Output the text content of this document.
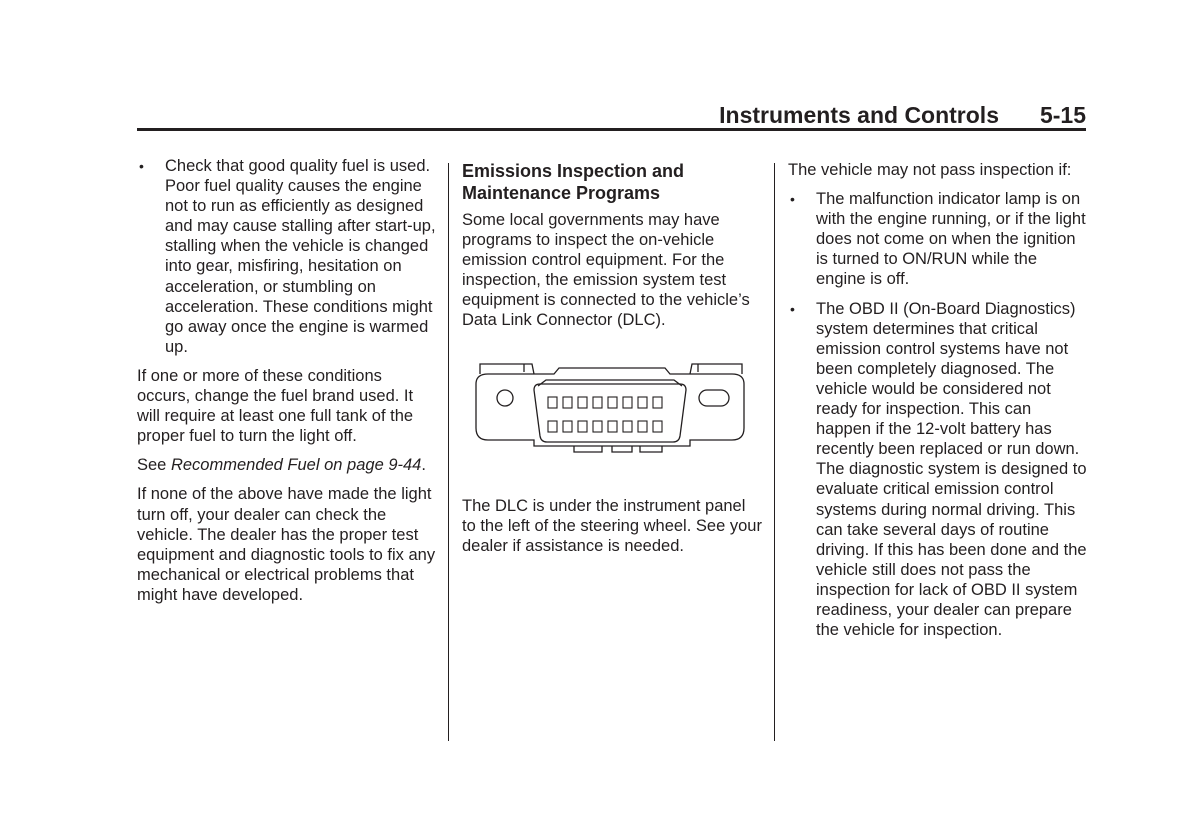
Instruments and Controls 5-15
• Check that good quality fuel is used. Poor fuel quality causes the engine not to run as efficiently as designed and may cause stalling after start-up, stalling when the vehicle is changed into gear, misfiring, hesitation on acceleration, or stumbling on acceleration. These conditions might go away once the engine is warmed up.

If one or more of these conditions occurs, change the fuel brand used. It will require at least one full tank of the proper fuel to turn the light off.

See Recommended Fuel on page 9-44.

If none of the above have made the light turn off, your dealer can check the vehicle. The dealer has the proper test equipment and diagnostic tools to fix any mechanical or electrical problems that might have developed.

Emissions Inspection and Maintenance Programs

Some local governments may have programs to inspect the on-vehicle emission control equipment. For the inspection, the emission system test equipment is connected to the vehicle’s Data Link Connector (DLC).

The DLC is under the instrument panel to the left of the steering wheel. See your dealer if assistance is needed.

The vehicle may not pass inspection if:

• The malfunction indicator lamp is on with the engine running, or if the light does not come on when the ignition is turned to ON/RUN while the engine is off.
• The OBD II (On-Board Diagnostics) system determines that critical emission control systems have not been completely diagnosed. The vehicle would be considered not ready for inspection. This can happen if the 12-volt battery has recently been replaced or run down. The diagnostic system is designed to evaluate critical emission control systems during normal driving. This can take several days of routine driving. If this has been done and the vehicle still does not pass the inspection for lack of OBD II system readiness, your dealer can prepare the vehicle for inspection.
